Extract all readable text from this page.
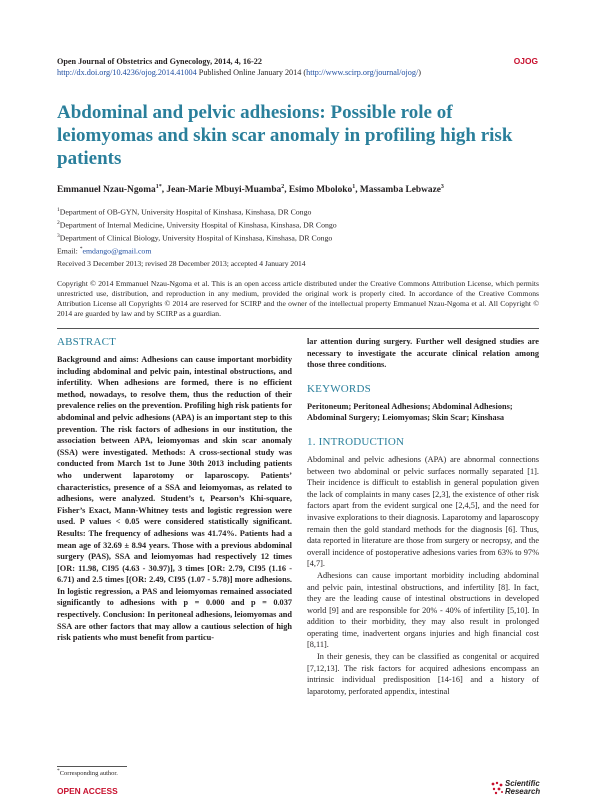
Open Journal of Obstetrics and Gynecology, 2014, 4, 16-22
http://dx.doi.org/10.4236/ojog.2014.41004 Published Online January 2014 (http://www.scirp.org/journal/ojog/)
OJOG
Abdominal and pelvic adhesions: Possible role of leiomyomas and skin scar anomaly in profiling high risk patients
Emmanuel Nzau-Ngoma$^{1*}$, Jean-Marie Mbuyi-Muamba$^2$, Esimo Mboloko$^1$, Massamba Lebwaze$^3$
$^1$Department of OB-GYN, University Hospital of Kinshasa, Kinshasa, DR Congo
$^2$Department of Internal Medicine, University Hospital of Kinshasa, Kinshasa, DR Congo
$^3$Department of Clinical Biology, University Hospital of Kinshasa, Kinshasa, DR Congo
Email: *emdango@gmail.com
Received 3 December 2013; revised 28 December 2013; accepted 4 January 2014
Copyright © 2014 Emmanuel Nzau-Ngoma et al. This is an open access article distributed under the Creative Commons Attribution License, which permits unrestricted use, distribution, and reproduction in any medium, provided the original work is properly cited. In accordance of the Creative Commons Attribution License all Copyrights © 2014 are reserved for SCIRP and the owner of the intellectual property Emmanuel Nzau-Ngoma et al. All Copyright © 2014 are guarded by law and by SCIRP as a guardian.
ABSTRACT

Background and aims: Adhesions can cause important morbidity including abdominal and pelvic pain, intestinal obstructions, and infertility. When adhesions are formed, there is no efficient method, nowadays, to resolve them, thus the reduction of their prevalence relies on the prevention. Profiling high risk patients for abdominal and pelvic adhesions (APA) is an important step to this prevention. The risk factors of adhesions in our institution, the association between APA, leiomyomas and skin scar anomaly (SSA) were investigated. Methods: A cross-sectional study was conducted from March 1st to June 30th 2013 including patients who underwent laparotomy or laparoscopy. Patients’ characteristics, presence of a SSA and leiomyomas, as related to adhesions, were analyzed. Student’s t, Pearson’s Khi-square, Fisher’s Exact, Mann-Whitney tests and logistic regression were used. P values < 0.05 were considered statistically significant. Results: The frequency of adhesions was 41.74%. Patients had a mean age of 32.69 ± 8.94 years. Those with a previous abdominal surgery (PAS), SSA and leiomyomas had respectively 12 times [OR: 11.98, CI95 (4.63 - 30.97)], 3 times [OR: 2.79, CI95 (1.16 - 6.71) and 2.5 times [(OR: 2.49, CI95 (1.07 - 5.78)] more adhesions. In logistic regression, a PAS and leiomyomas remained associated significantly to adhesions with p = 0.000 and p = 0.037 respectively. Conclusion: In peritoneal adhesions, leiomyomas and SSA are other factors that may allow a cautious selection of high risk patients who must benefit from particu-

lar attention during surgery. Further well designed studies are necessary to investigate the accurate clinical relation among those three conditions.

KEYWORDS

Peritoneum; Peritoneal Adhesions; Abdominal Adhesions; Abdominal Surgery; Leiomyomas; Skin Scar; Kinshasa

1. INTRODUCTION

Abdominal and pelvic adhesions (APA) are abnormal connections between two abdominal or pelvic surfaces normally separated [1]. Their incidence is difficult to establish in general population given the lack of complaints in many cases [2,3], the existence of other risk factors apart from the evident surgical one [2,4,5], and the need for invasive explorations to their diagnosis. Laparotomy and laparoscopy remain then the gold standard methods for the diagnosis [6]. Thus, data reported in literature are those from surgery or necropsy, and the overall incidence of postoperative adhesions varies from 63% to 97% [4,7].

Adhesions can cause important morbidity including abdominal and pelvic pain, intestinal obstructions, and infertility [8]. In fact, they are the leading cause of intestinal obstructions in developed world [9] and are responsible for 20% - 40% of infertility [5,10]. In addition to their morbidity, they may also result in prolonged operating time, inadvertent organs injuries and high financial cost [8,11].

In their genesis, they can be classified as congenital or acquired [7,12,13]. The risk factors for acquired adhesions encompass an intrinsic individual predisposition [14-16] and a history of laparotomy, perforated appendix, intestinal

*Corresponding author.
OPEN ACCESS
Scientific
Research
